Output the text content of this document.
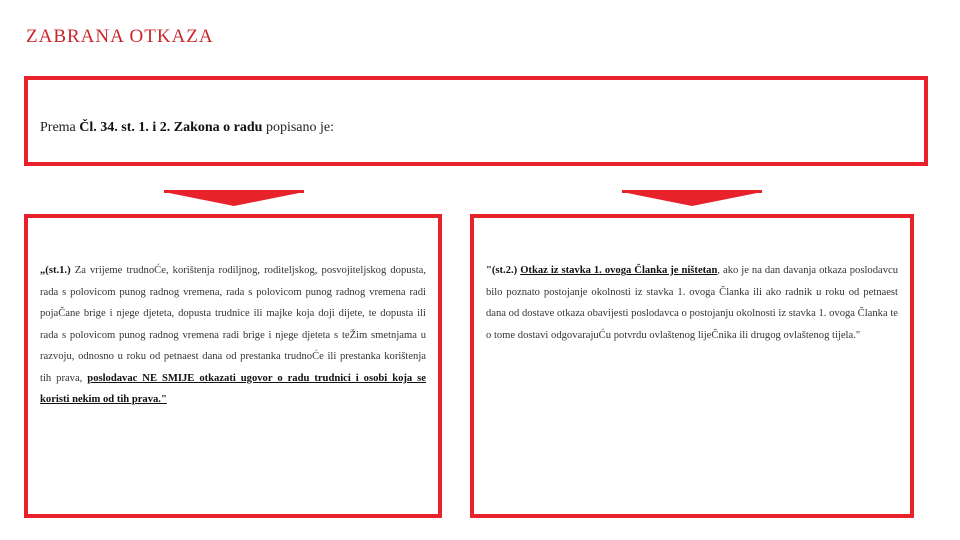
ZABRANA OTKAZA
Prema Čl. 34. st. 1. i 2. Zakona o radu popisano je:
„(st.1.) Za vrijeme trudnoĆe, korištenja rodiljnog, roditeljskog, posvojiteljskog dopusta, rada s polovicom punog radnog vremena, rada s polovicom punog radnog vremena radi pojaČane brige i njege djeteta, dopusta trudnice ili majke koja doji dijete, te dopusta ili rada s polovicom punog radnog vremena radi brige i njege djeteta s teŽim smetnjama u razvoju, odnosno u roku od petnaest dana od prestanka trudnoĆe ili prestanka korištenja tih prava, poslodavac NE SMIJE otkazati ugovor o radu trudnici i osobi koja se koristi nekim od tih prava."
"(st.2.) Otkaz iz stavka 1. ovoga Članka je ništetan, ako je na dan davanja otkaza poslodavcu bilo poznato postojanje okolnosti iz stavka 1. ovoga Članka ili ako radnik u roku od petnaest dana od dostave otkaza obavijesti poslodavca o postojanju okolnosti iz stavka 1. ovoga Članka te o tome dostavi odgovarajuĆu potvrdu ovlaštenog lijeČnika ili drugog ovlaštenog tijela."
